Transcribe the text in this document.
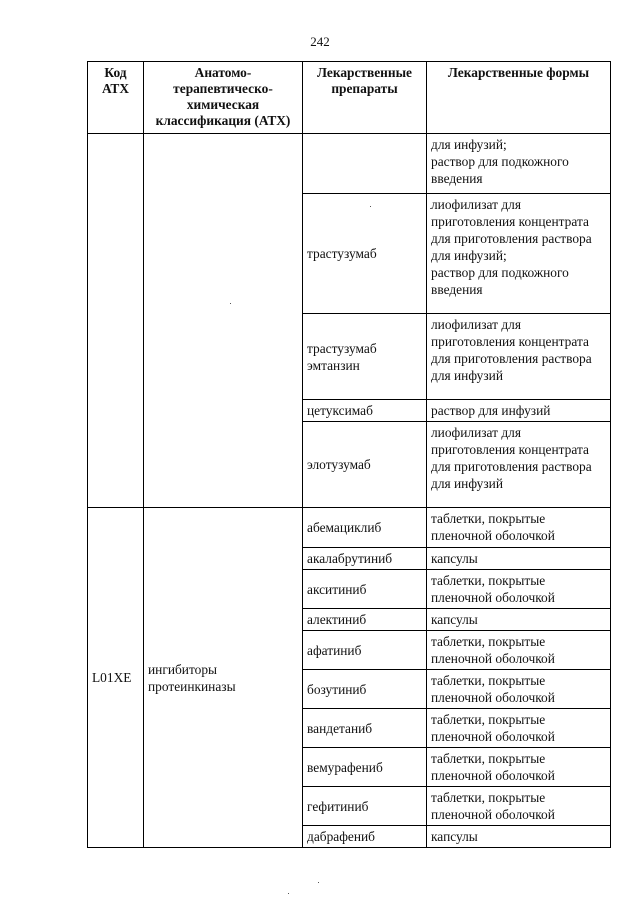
242
Код АТХ	Анатомо-терапевтическо-химическая классификация (АТХ)	Лекарственные препараты	Лекарственные формы
			для инфузий;
раствор для подкожного введения
		трастузумаб	лиофилизат для приготовления концентрата для приготовления раствора для инфузий;
раствор для подкожного введения
		трастузумаб эмтанзин	лиофилизат для приготовления концентрата для приготовления раствора для инфузий
		цетуксимаб	раствор для инфузий
		элотузумаб	лиофилизат для приготовления концентрата для приготовления раствора для инфузий
L01XE	ингибиторы протеинкиназы	абемациклиб	таблетки, покрытые пленочной оболочкой
		акалабрутиниб	капсулы
		акситиниб	таблетки, покрытые пленочной оболочкой
		алектиниб	капсулы
		афатиниб	таблетки, покрытые пленочной оболочкой
		бозутиниб	таблетки, покрытые пленочной оболочкой
		вандетаниб	таблетки, покрытые пленочной оболочкой
		вемурафениб	таблетки, покрытые пленочной оболочкой
		гефитиниб	таблетки, покрытые пленочной оболочкой
		дабрафениб	капсулы
